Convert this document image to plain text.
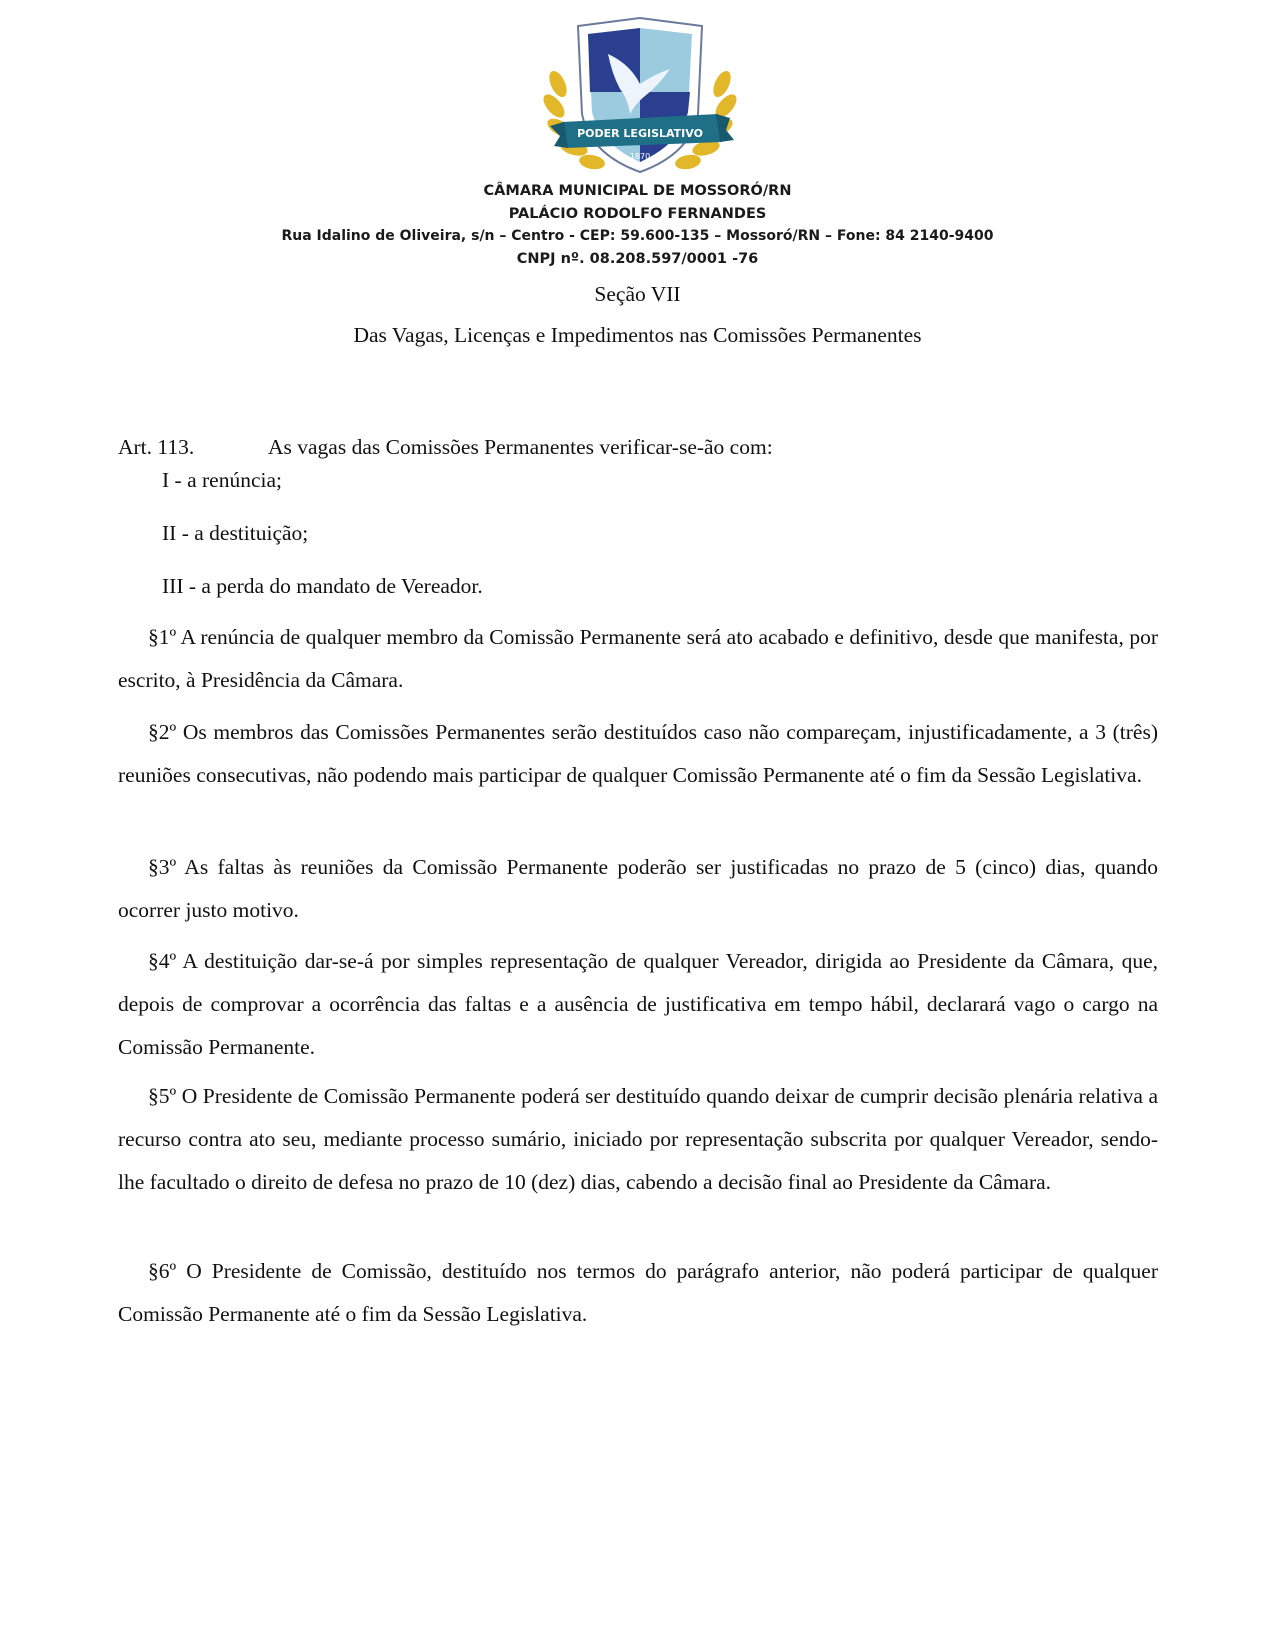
PODER LEGISLATIVO
1870
CÂMARA MUNICIPAL DE MOSSORÓ/RN
PALÁCIO RODOLFO FERNANDES
Rua Idalino de Oliveira, s/n – Centro - CEP: 59.600-135 – Mossoró/RN – Fone: 84 2140-9400
CNPJ nº. 08.208.597/0001 -76
Seção VII
Das Vagas, Licenças e Impedimentos nas Comissões Permanentes
Art. 113.	As vagas das Comissões Permanentes verificar-se-ão com:
I - a renúncia;
II - a destituição;
III - a perda do mandato de Vereador.
§1º A renúncia de qualquer membro da Comissão Permanente será ato acabado e definitivo, desde que manifesta, por escrito, à Presidência da Câmara.
§2º Os membros das Comissões Permanentes serão destituídos caso não compareçam, injustificadamente, a 3 (três) reuniões consecutivas, não podendo mais participar de qualquer Comissão Permanente até o fim da Sessão Legislativa.
§3º As faltas às reuniões da Comissão Permanente poderão ser justificadas no prazo de 5 (cinco) dias, quando ocorrer justo motivo.
§4º A destituição dar-se-á por simples representação de qualquer Vereador, dirigida ao Presidente da Câmara, que, depois de comprovar a ocorrência das faltas e a ausência de justificativa em tempo hábil, declarará vago o cargo na Comissão Permanente.
§5º O Presidente de Comissão Permanente poderá ser destituído quando deixar de cumprir decisão plenária relativa a recurso contra ato seu, mediante processo sumário, iniciado por representação subscrita por qualquer Vereador, sendo-lhe facultado o direito de defesa no prazo de 10 (dez) dias, cabendo a decisão final ao Presidente da Câmara.
§6º O Presidente de Comissão, destituído nos termos do parágrafo anterior, não poderá participar de qualquer Comissão Permanente até o fim da Sessão Legislativa.
